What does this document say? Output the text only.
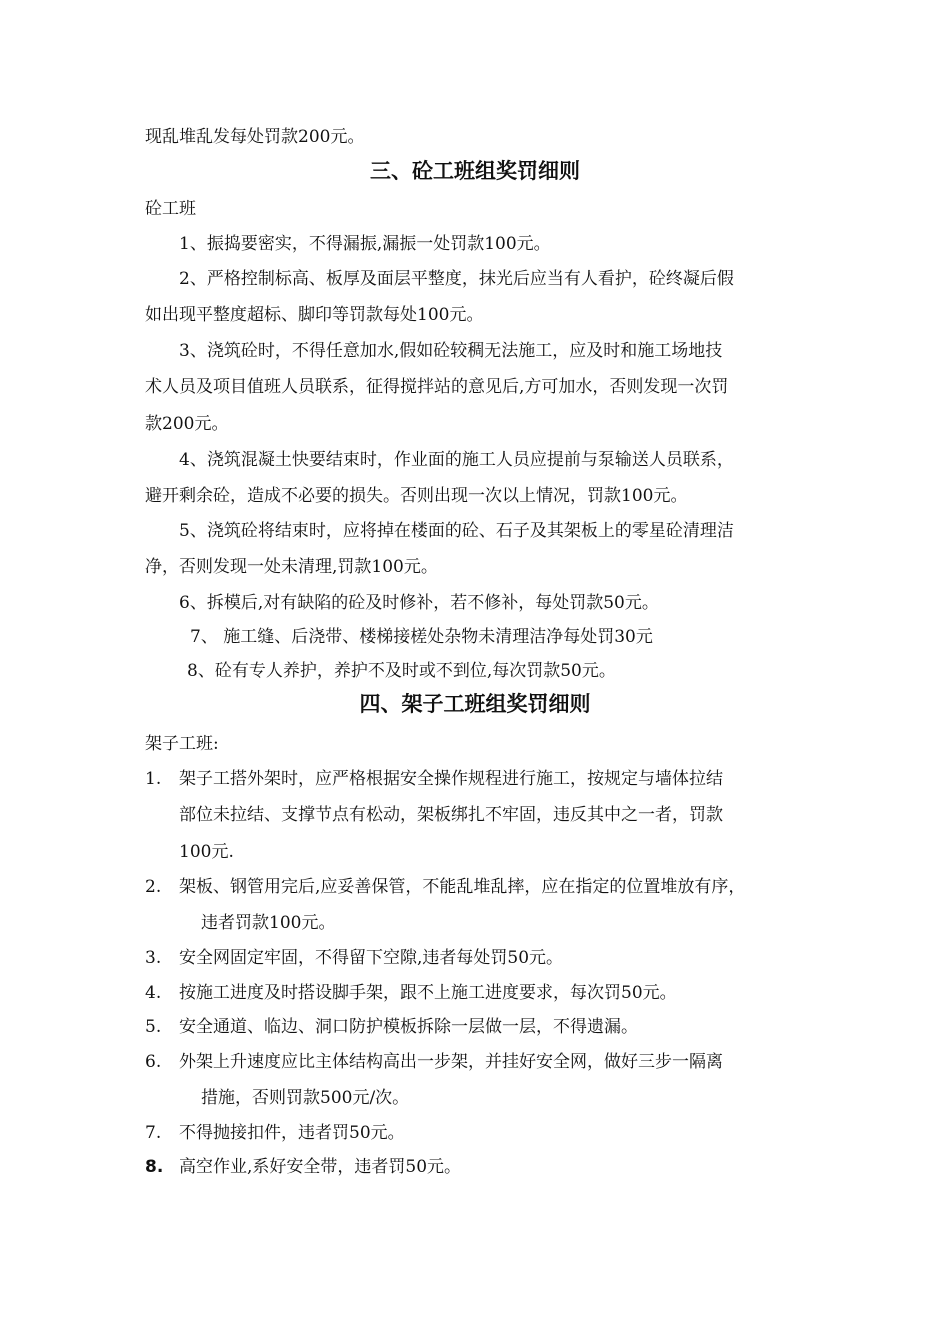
现乱堆乱发每处罚款200元。
三、砼工班组奖罚细则
砼工班
1、振捣要密实，不得漏振,漏振一处罚款100元。
2、严格控制标高、板厚及面层平整度，抹光后应当有人看护，砼终凝后假
如出现平整度超标、脚印等罚款每处100元。
3、浇筑砼时，不得任意加水,假如砼较稠无法施工，应及时和施工场地技
术人员及项目值班人员联系，征得搅拌站的意见后,方可加水，否则发现一次罚
款200元。
4、浇筑混凝土快要结束时，作业面的施工人员应提前与泵输送人员联系，
避开剩余砼，造成不必要的损失。否则出现一次以上情况，罚款100元。
5、浇筑砼将结束时，应将掉在楼面的砼、石子及其架板上的零星砼清理洁
净，否则发现一处未清理,罚款100元。
6、拆模后,对有缺陷的砼及时修补，若不修补，每处罚款50元。
7、 施工缝、后浇带、楼梯接槎处杂物未清理洁净每处罚30元
8、砼有专人养护，养护不及时或不到位,每次罚款50元。
四、架子工班组奖罚细则
架子工班:
1. 架子工搭外架时，应严格根据安全操作规程进行施工，按规定与墙体拉结
部位未拉结、支撑节点有松动，架板绑扎不牢固，违反其中之一者，罚款
100元.
2. 架板、钢管用完后,应妥善保管，不能乱堆乱摔，应在指定的位置堆放有序，
违者罚款100元。
3. 安全网固定牢固，不得留下空隙,违者每处罚50元。
4. 按施工进度及时搭设脚手架，跟不上施工进度要求，每次罚50元。
5. 安全通道、临边、洞口防护模板拆除一层做一层，不得遗漏。
6. 外架上升速度应比主体结构高出一步架，并挂好安全网，做好三步一隔离
措施，否则罚款500元/次。
7. 不得抛接扣件，违者罚50元。
8. 高空作业,系好安全带，违者罚50元。
